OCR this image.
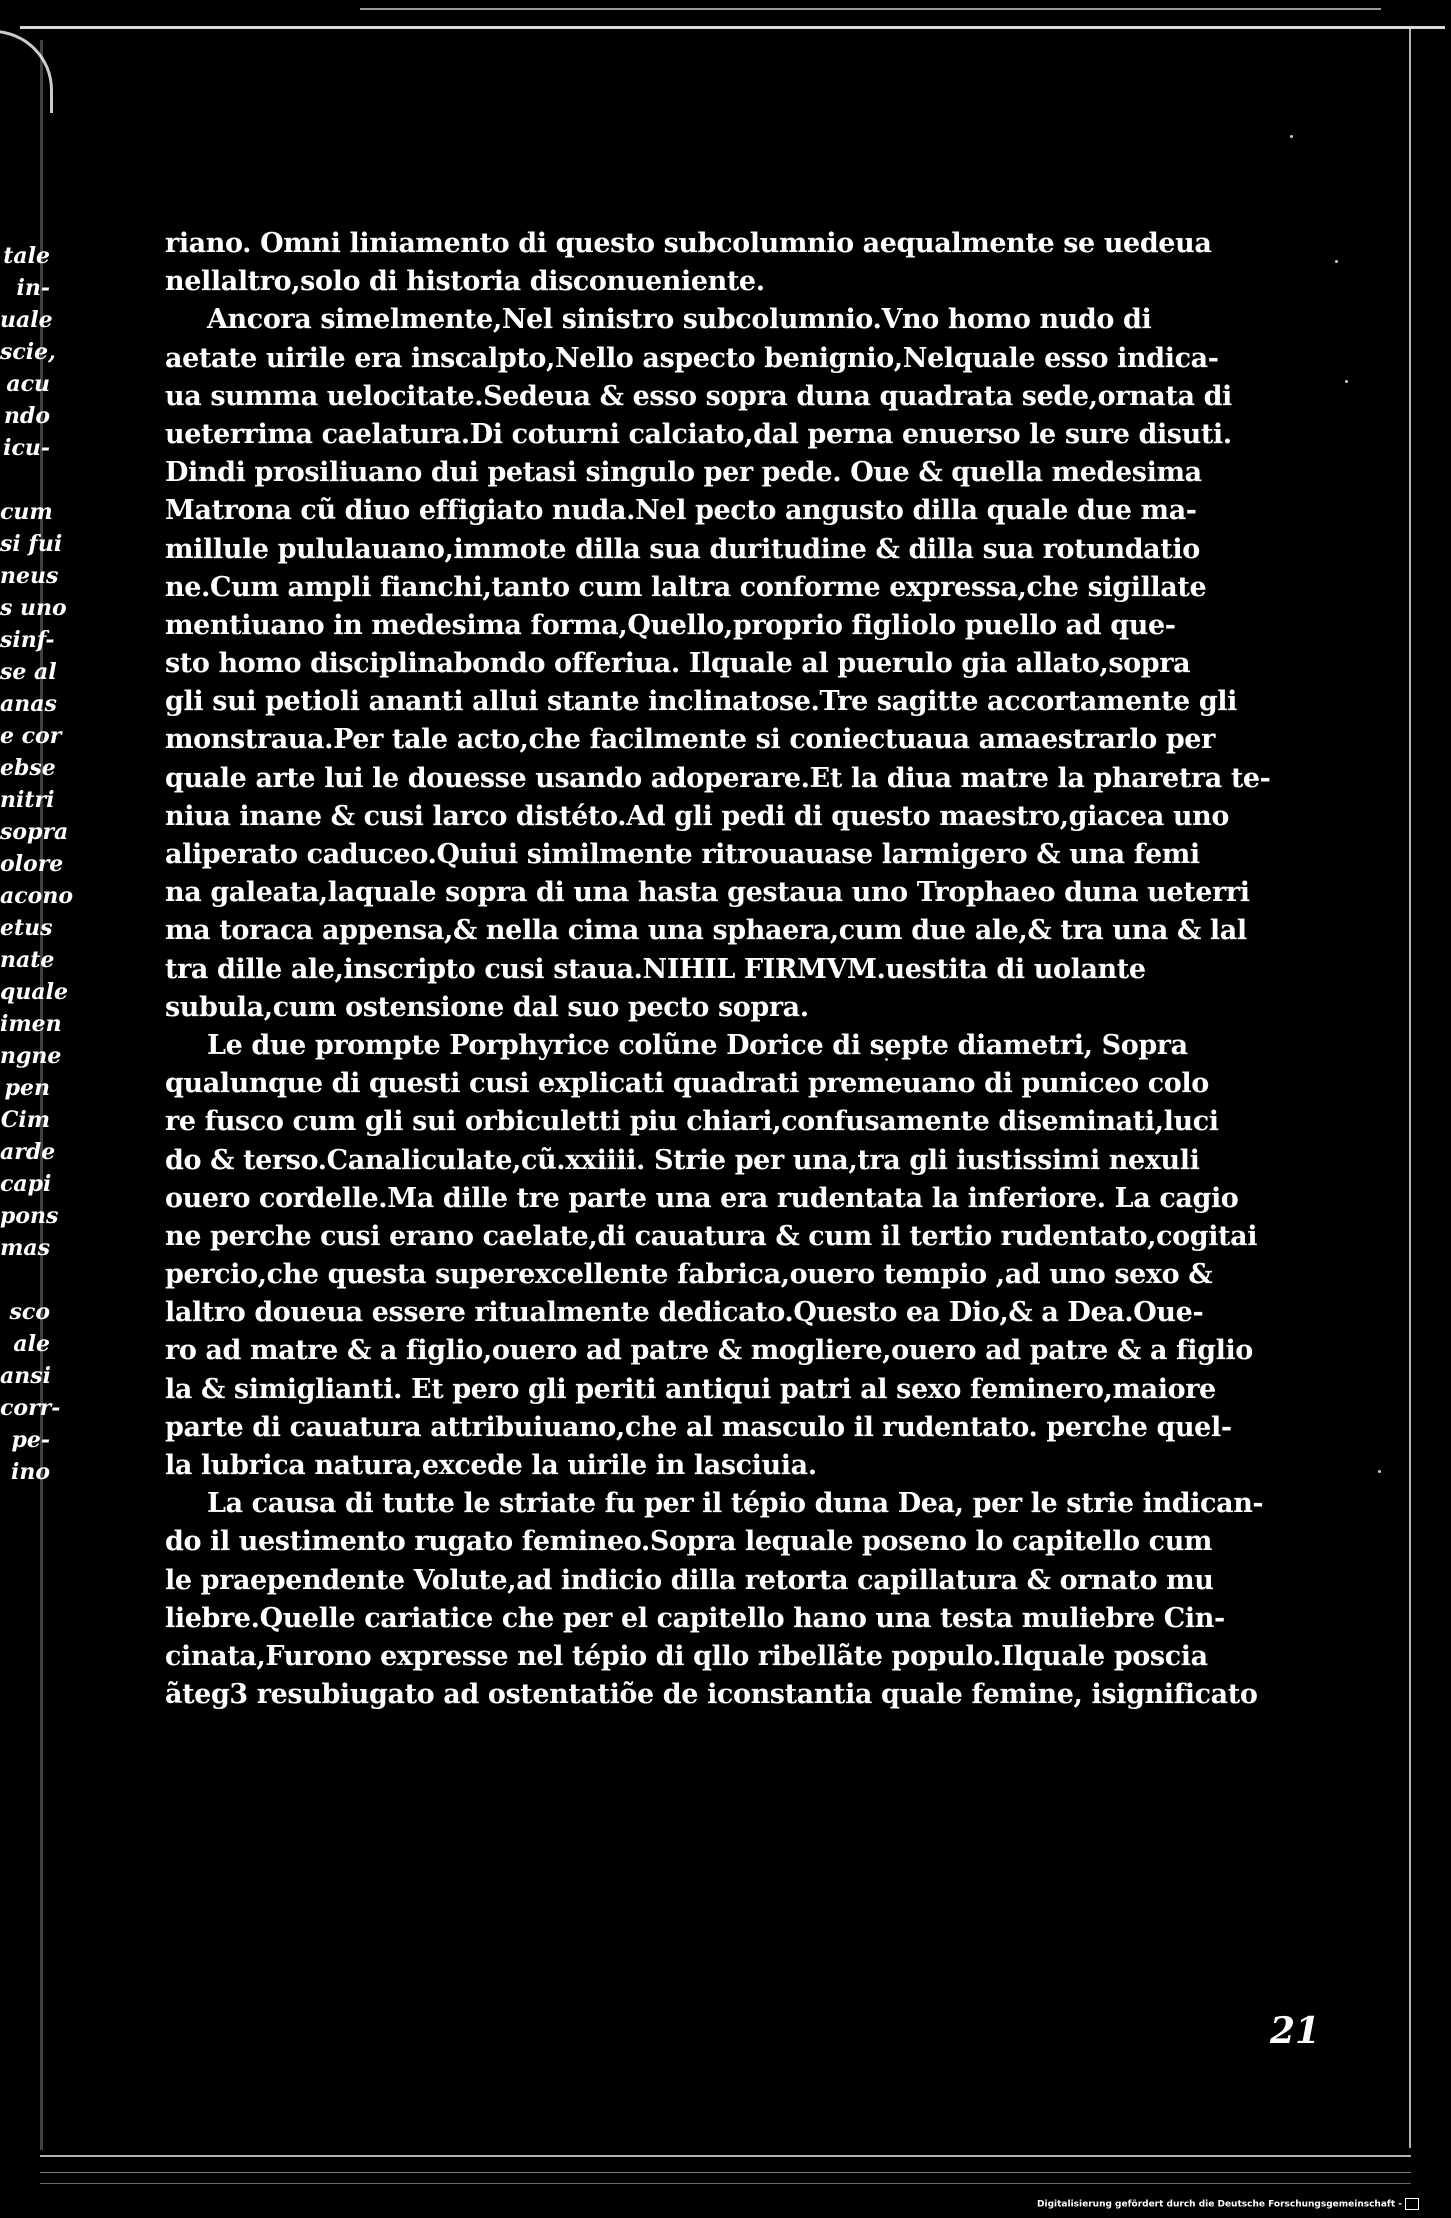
tale
in-
uale
scie,
acu
ndo
icu-
cum
si fui
neus
s uno
sinf-
se al
anas
e cor
ebse
nitri
sopra
olore
acono
etus
nate
quale
imen
ngne
pen
Cim
arde
capi
pons
mas
sco
ale
ansi
corr-
pe-
ino
riano. Omni liniamento di questo subcolumnio aequalmente se uedeua
nellaltro,solo di historia disconueniente.
Ancora simelmente,Nel sinistro subcolumnio.Vno homo nudo di
aetate uirile era inscalpto,Nello aspecto benignio,Nelquale esso indica-
ua summa uelocitate.Sedeua & esso sopra duna quadrata sede,ornata di
ueterrima caelatura.Di coturni calciato,dal perna enuerso le sure disuti.
Dindi prosiliuano dui petasi singulo per pede. Oue & quella medesima
Matrona cũ diuo effigiato nuda.Nel pecto angusto dilla quale due ma-
millule pululauano,immote dilla sua duritudine & dilla sua rotundatio
ne.Cum ampli fianchi,tanto cum laltra conforme expressa,che sigillate
mentiuano in medesima forma,Quello,proprio figliolo puello ad que-
sto homo disciplinabondo offeriua. Ilquale al puerulo gia allato,sopra
gli sui petioli ananti allui stante inclinatose.Tre sagitte accortamente gli
monstraua.Per tale acto,che facilmente si coniectuaua amaestrarlo per
quale arte lui le douesse usando adoperare.Et la diua matre la pharetra te-
niua inane & cusi larco distéto.Ad gli pedi di questo maestro,giacea uno
aliperato caduceo.Quiui similmente ritrouauase larmigero & una femi
na galeata,laquale sopra di una hasta gestaua uno Trophaeo duna ueterri
ma toraca appensa,& nella cima una sphaera,cum due ale,& tra una & lal
tra dille ale,inscripto cusi staua.NIHIL FIRMVM.uestita di uolante
subula,cum ostensione dal suo pecto sopra.
Le due prompte Porphyrice colũne Dorice di septe diametri, Sopra
qualunque di questi cusi explicati quadrati premeuano di puniceo colo
re fusco cum gli sui orbiculetti piu chiari,confusamente diseminati,luci
do & terso.Canaliculate,cũ.xxiiii. Strie per una,tra gli iustissimi nexuli
ouero cordelle.Ma dille tre parte una era rudentata la inferiore. La cagio
ne perche cusi erano caelate,di cauatura & cum il tertio rudentato,cogitai
percio,che questa superexcellente fabrica,ouero tempio ,ad uno sexo &
laltro doueua essere ritualmente dedicato.Questo ea Dio,& a Dea.Oue-
ro ad matre & a figlio,ouero ad patre & mogliere,ouero ad patre & a figlio
la & simiglianti. Et pero gli periti antiqui patri al sexo feminero,maiore
parte di cauatura attribuiuano,che al masculo il rudentato. perche quel-
la lubrica natura,excede la uirile in lasciuia.
La causa di tutte le striate fu per il tépio duna Dea, per le strie indican-
do il uestimento rugato femineo.Sopra lequale poseno lo capitello cum
le praependente Volute,ad indicio dilla retorta capillatura & ornato mu
liebre.Quelle cariatice che per el capitello hano una testa muliebre Cin-
cinata,Furono expresse nel tépio di qllo ribellãte populo.Ilquale poscia
ãteg3 resubiugato ad ostentatiõe de iconstantia quale femine, isignificato
21
Digitalisierung gefördert durch die Deutsche Forschungsgemeinschaft -
